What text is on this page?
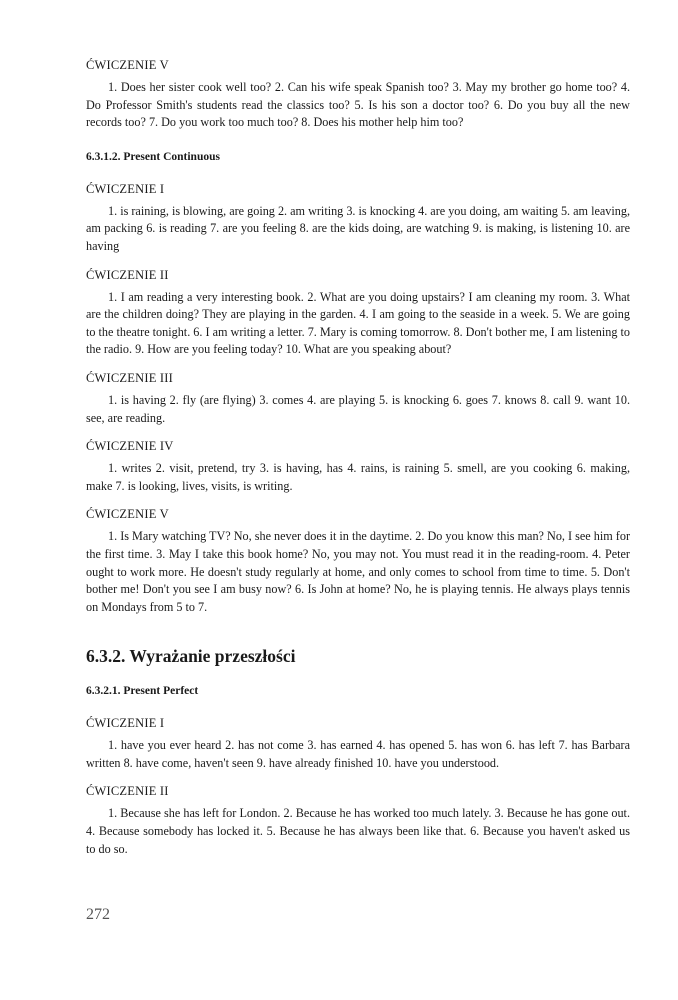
ĆWICZENIE V

1. Does her sister cook well too? 2. Can his wife speak Spanish too? 3. May my brother go home too? 4. Do Professor Smith's students read the classics too? 5. Is his son a doctor too? 6. Do you buy all the new records too? 7. Do you work too much too? 8. Does his mother help him too?

6.3.1.2. Present Continuous

ĆWICZENIE I

1. is raining, is blowing, are going 2. am writing 3. is knocking 4. are you doing, am waiting 5. am leaving, am packing 6. is reading 7. are you feeling 8. are the kids doing, are watching 9. is making, is listening 10. are having

ĆWICZENIE II

1. I am reading a very interesting book. 2. What are you doing upstairs? I am cleaning my room. 3. What are the children doing? They are playing in the garden. 4. I am going to the seaside in a week. 5. We are going to the theatre tonight. 6. I am writing a letter. 7. Mary is coming tomorrow. 8. Don't bother me, I am listening to the radio. 9. How are you feeling today? 10. What are you speaking about?

ĆWICZENIE III

1. is having 2. fly (are flying) 3. comes 4. are playing 5. is knocking 6. goes 7. knows 8. call 9. want 10. see, are reading.

ĆWICZENIE IV

1. writes 2. visit, pretend, try 3. is having, has 4. rains, is raining 5. smell, are you cooking 6. making, make 7. is looking, lives, visits, is writing.

ĆWICZENIE V

1. Is Mary watching TV? No, she never does it in the daytime. 2. Do you know this man? No, I see him for the first time. 3. May I take this book home? No, you may not. You must read it in the reading-room. 4. Peter ought to work more. He doesn't study regularly at home, and only comes to school from time to time. 5. Don't bother me! Don't you see I am busy now? 6. Is John at home? No, he is playing tennis. He always plays tennis on Mondays from 5 to 7.

6.3.2. Wyrażanie przeszłości

6.3.2.1. Present Perfect

ĆWICZENIE I

1. have you ever heard 2. has not come 3. has earned 4. has opened 5. has won 6. has left 7. has Barbara written 8. have come, haven't seen 9. have already finished 10. have you understood.

ĆWICZENIE II

1. Because she has left for London. 2. Because he has worked too much lately. 3. Because he has gone out. 4. Because somebody has locked it. 5. Because he has always been like that. 6. Because you haven't asked us to do so.

272
